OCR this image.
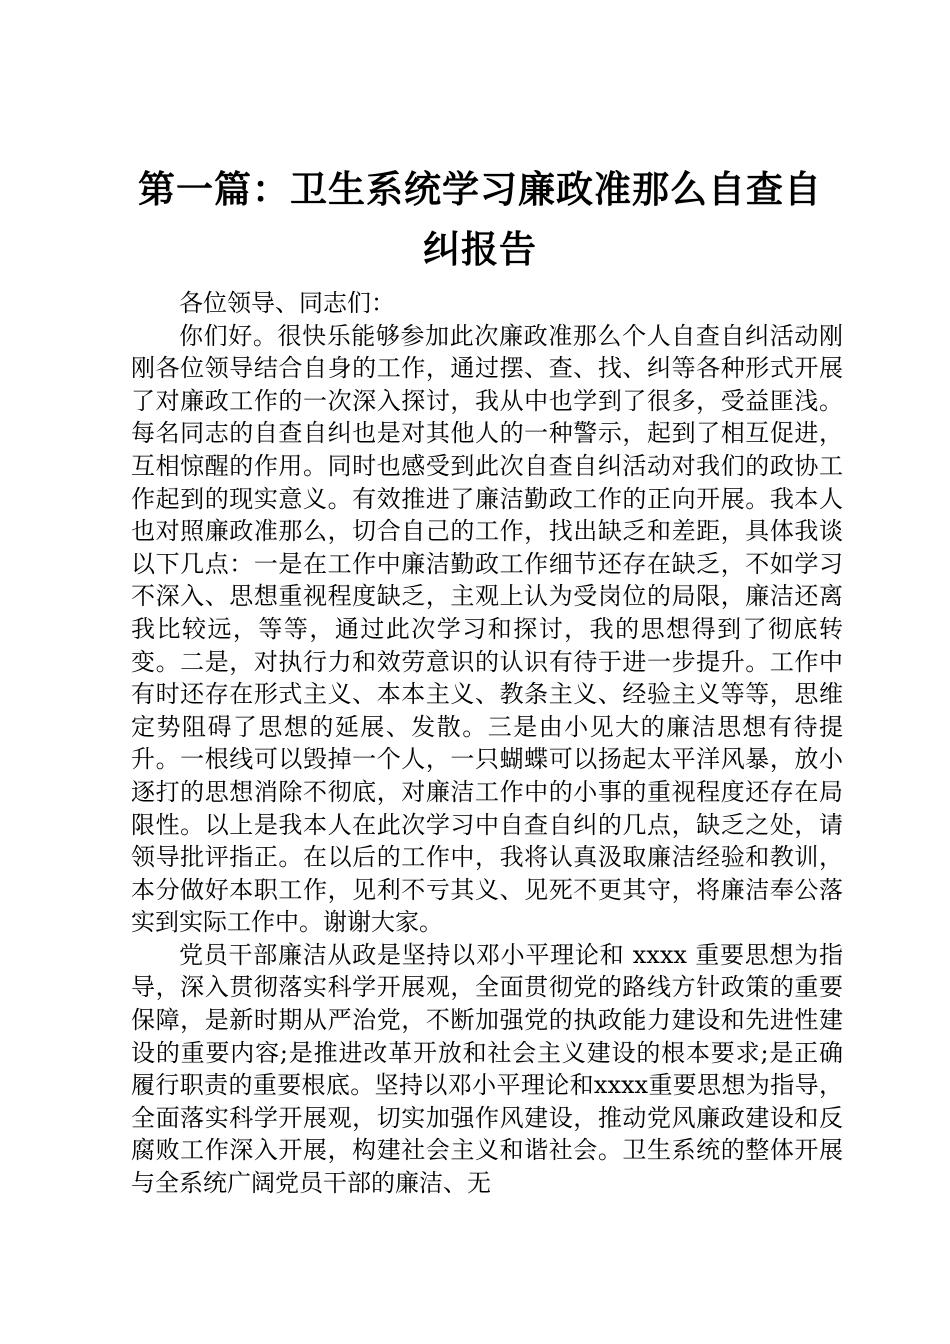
第一篇：卫生系统学习廉政准那么自查自纠报告

各位领导、同志们：

你们好。很快乐能够参加此次廉政准那么个人自查自纠活动刚刚各位领导结合自身的工作，通过摆、查、找、纠等各种形式开展了对廉政工作的一次深入探讨，我从中也学到了很多，受益匪浅。每名同志的自查自纠也是对其他人的一种警示，起到了相互促进，互相惊醒的作用。同时也感受到此次自查自纠活动对我们的政协工作起到的现实意义。有效推进了廉洁勤政工作的正向开展。我本人也对照廉政准那么，切合自己的工作，找出缺乏和差距，具体我谈以下几点：一是在工作中廉洁勤政工作细节还存在缺乏，不如学习不深入、思想重视程度缺乏，主观上认为受岗位的局限，廉洁还离我比较远，等等，通过此次学习和探讨，我的思想得到了彻底转变。二是，对执行力和效劳意识的认识有待于进一步提升。工作中有时还存在形式主义、本本主义、教条主义、经验主义等等，思维定势阻碍了思想的延展、发散。三是由小见大的廉洁思想有待提升。一根线可以毁掉一个人，一只蝴蝶可以扬起太平洋风暴，放小逐打的思想消除不彻底，对廉洁工作中的小事的重视程度还存在局限性。以上是我本人在此次学习中自查自纠的几点，缺乏之处，请领导批评指正。在以后的工作中，我将认真汲取廉洁经验和教训，本分做好本职工作，见利不亏其义、见死不更其守，将廉洁奉公落实到实际工作中。谢谢大家。

党员干部廉洁从政是坚持以邓小平理论和 xxxx 重要思想为指导，深入贯彻落实科学开展观，全面贯彻党的路线方针政策的重要保障，是新时期从严治党，不断加强党的执政能力建设和先进性建设的重要内容;是推进改革开放和社会主义建设的根本要求;是正确履行职责的重要根底。坚持以邓小平理论和xxxx重要思想为指导，全面落实科学开展观，切实加强作风建设，推动党风廉政建设和反腐败工作深入开展，构建社会主义和谐社会。卫生系统的整体开展与全系统广阔党员干部的廉洁、无
